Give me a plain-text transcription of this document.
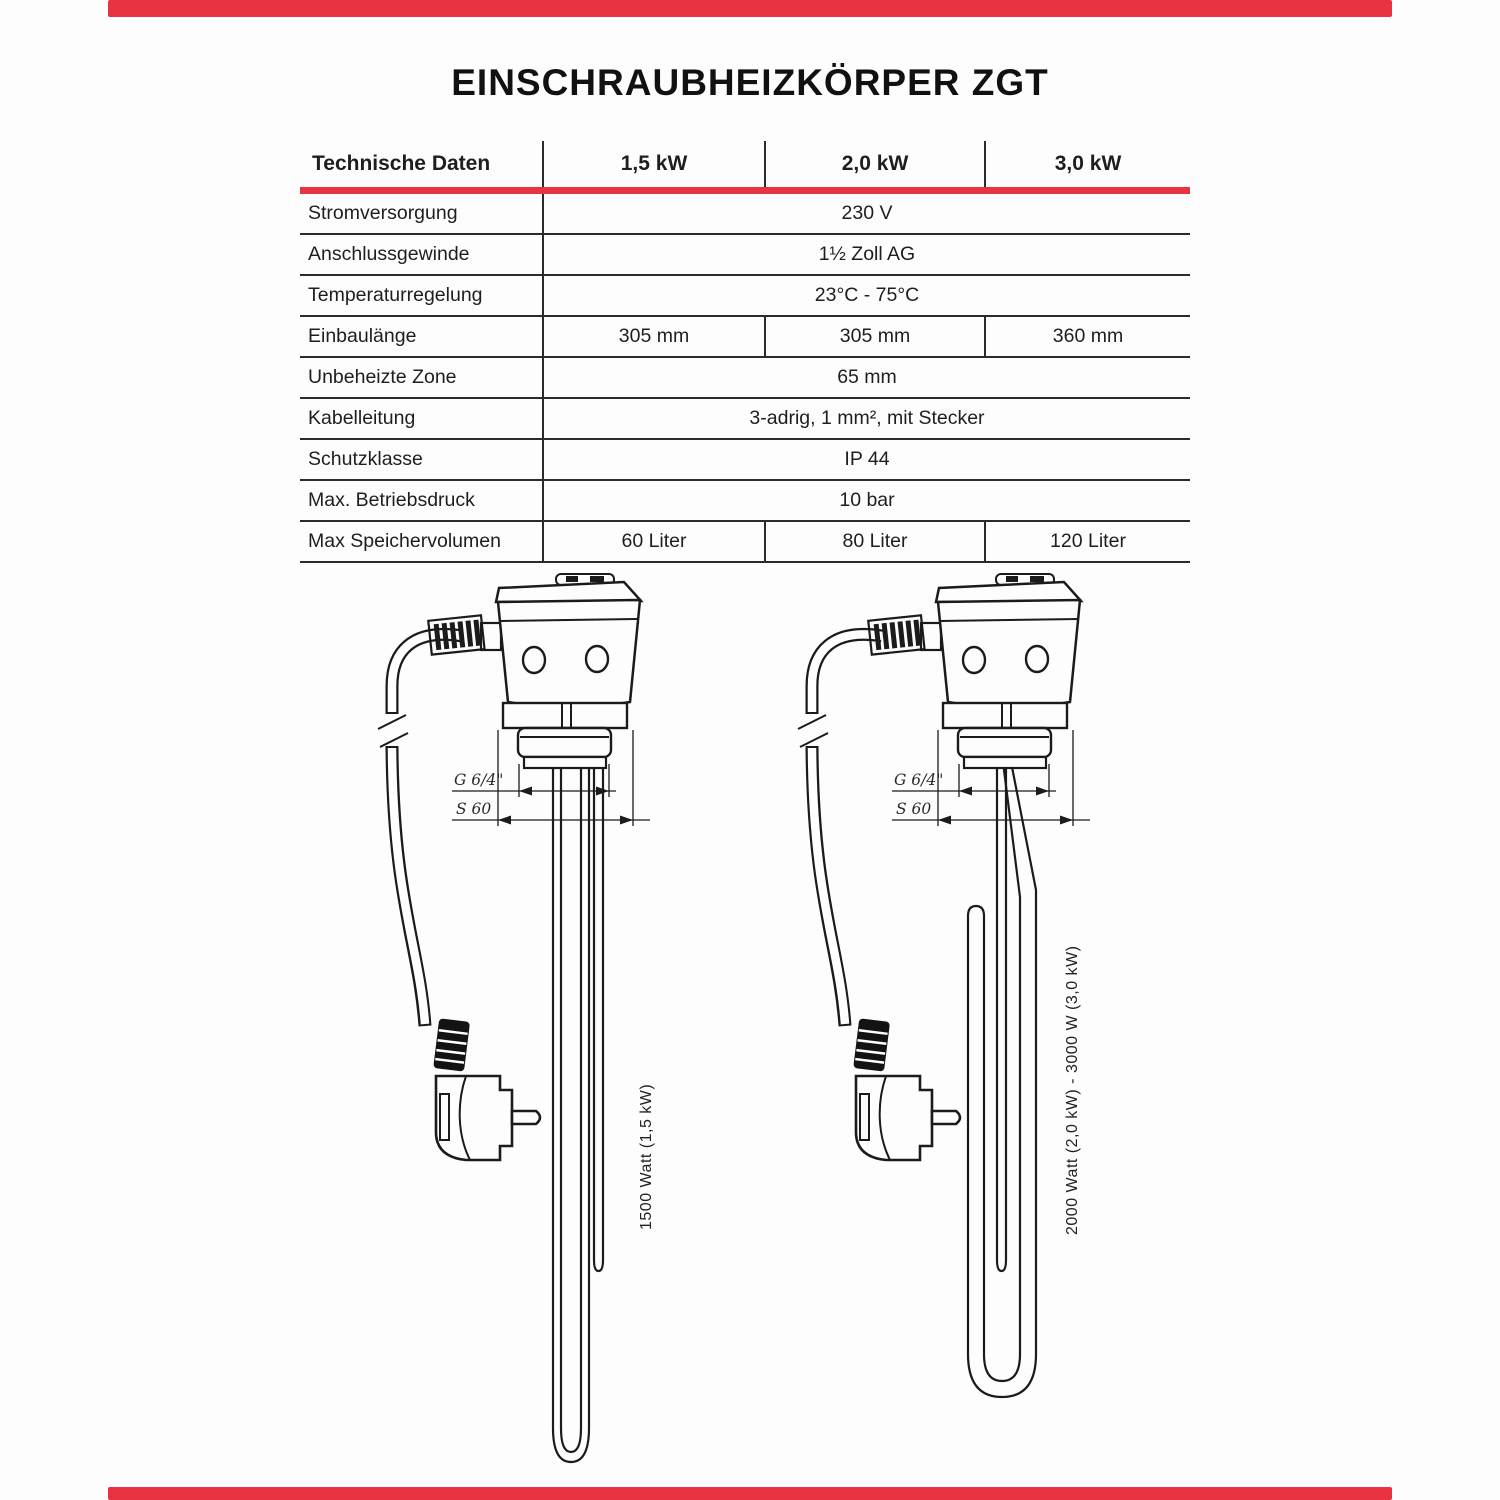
EINSCHRAUBHEIZKÖRPER ZGT
Technische Daten	1,5 kW	2,0 kW	3,0 kW
Stromversorgung	230 V		
Anschlussgewinde	1½ Zoll AG		
Temperaturregelung	23°C - 75°C		
Einbaulänge	305 mm	305 mm	360 mm
Unbeheizte Zone	65 mm		
Kabelleitung	3-adrig, 1 mm², mit Stecker		
Schutzklasse	IP 44		
Max. Betriebsdruck	10 bar		
Max Speichervolumen	60 Liter	80 Liter	120 Liter
G 6/4"
S 60
G 6/4"
S 60
1500 Watt (1,5 kW)	2000 Watt (2,0 kW) - 3000 W (3,0 kW)
